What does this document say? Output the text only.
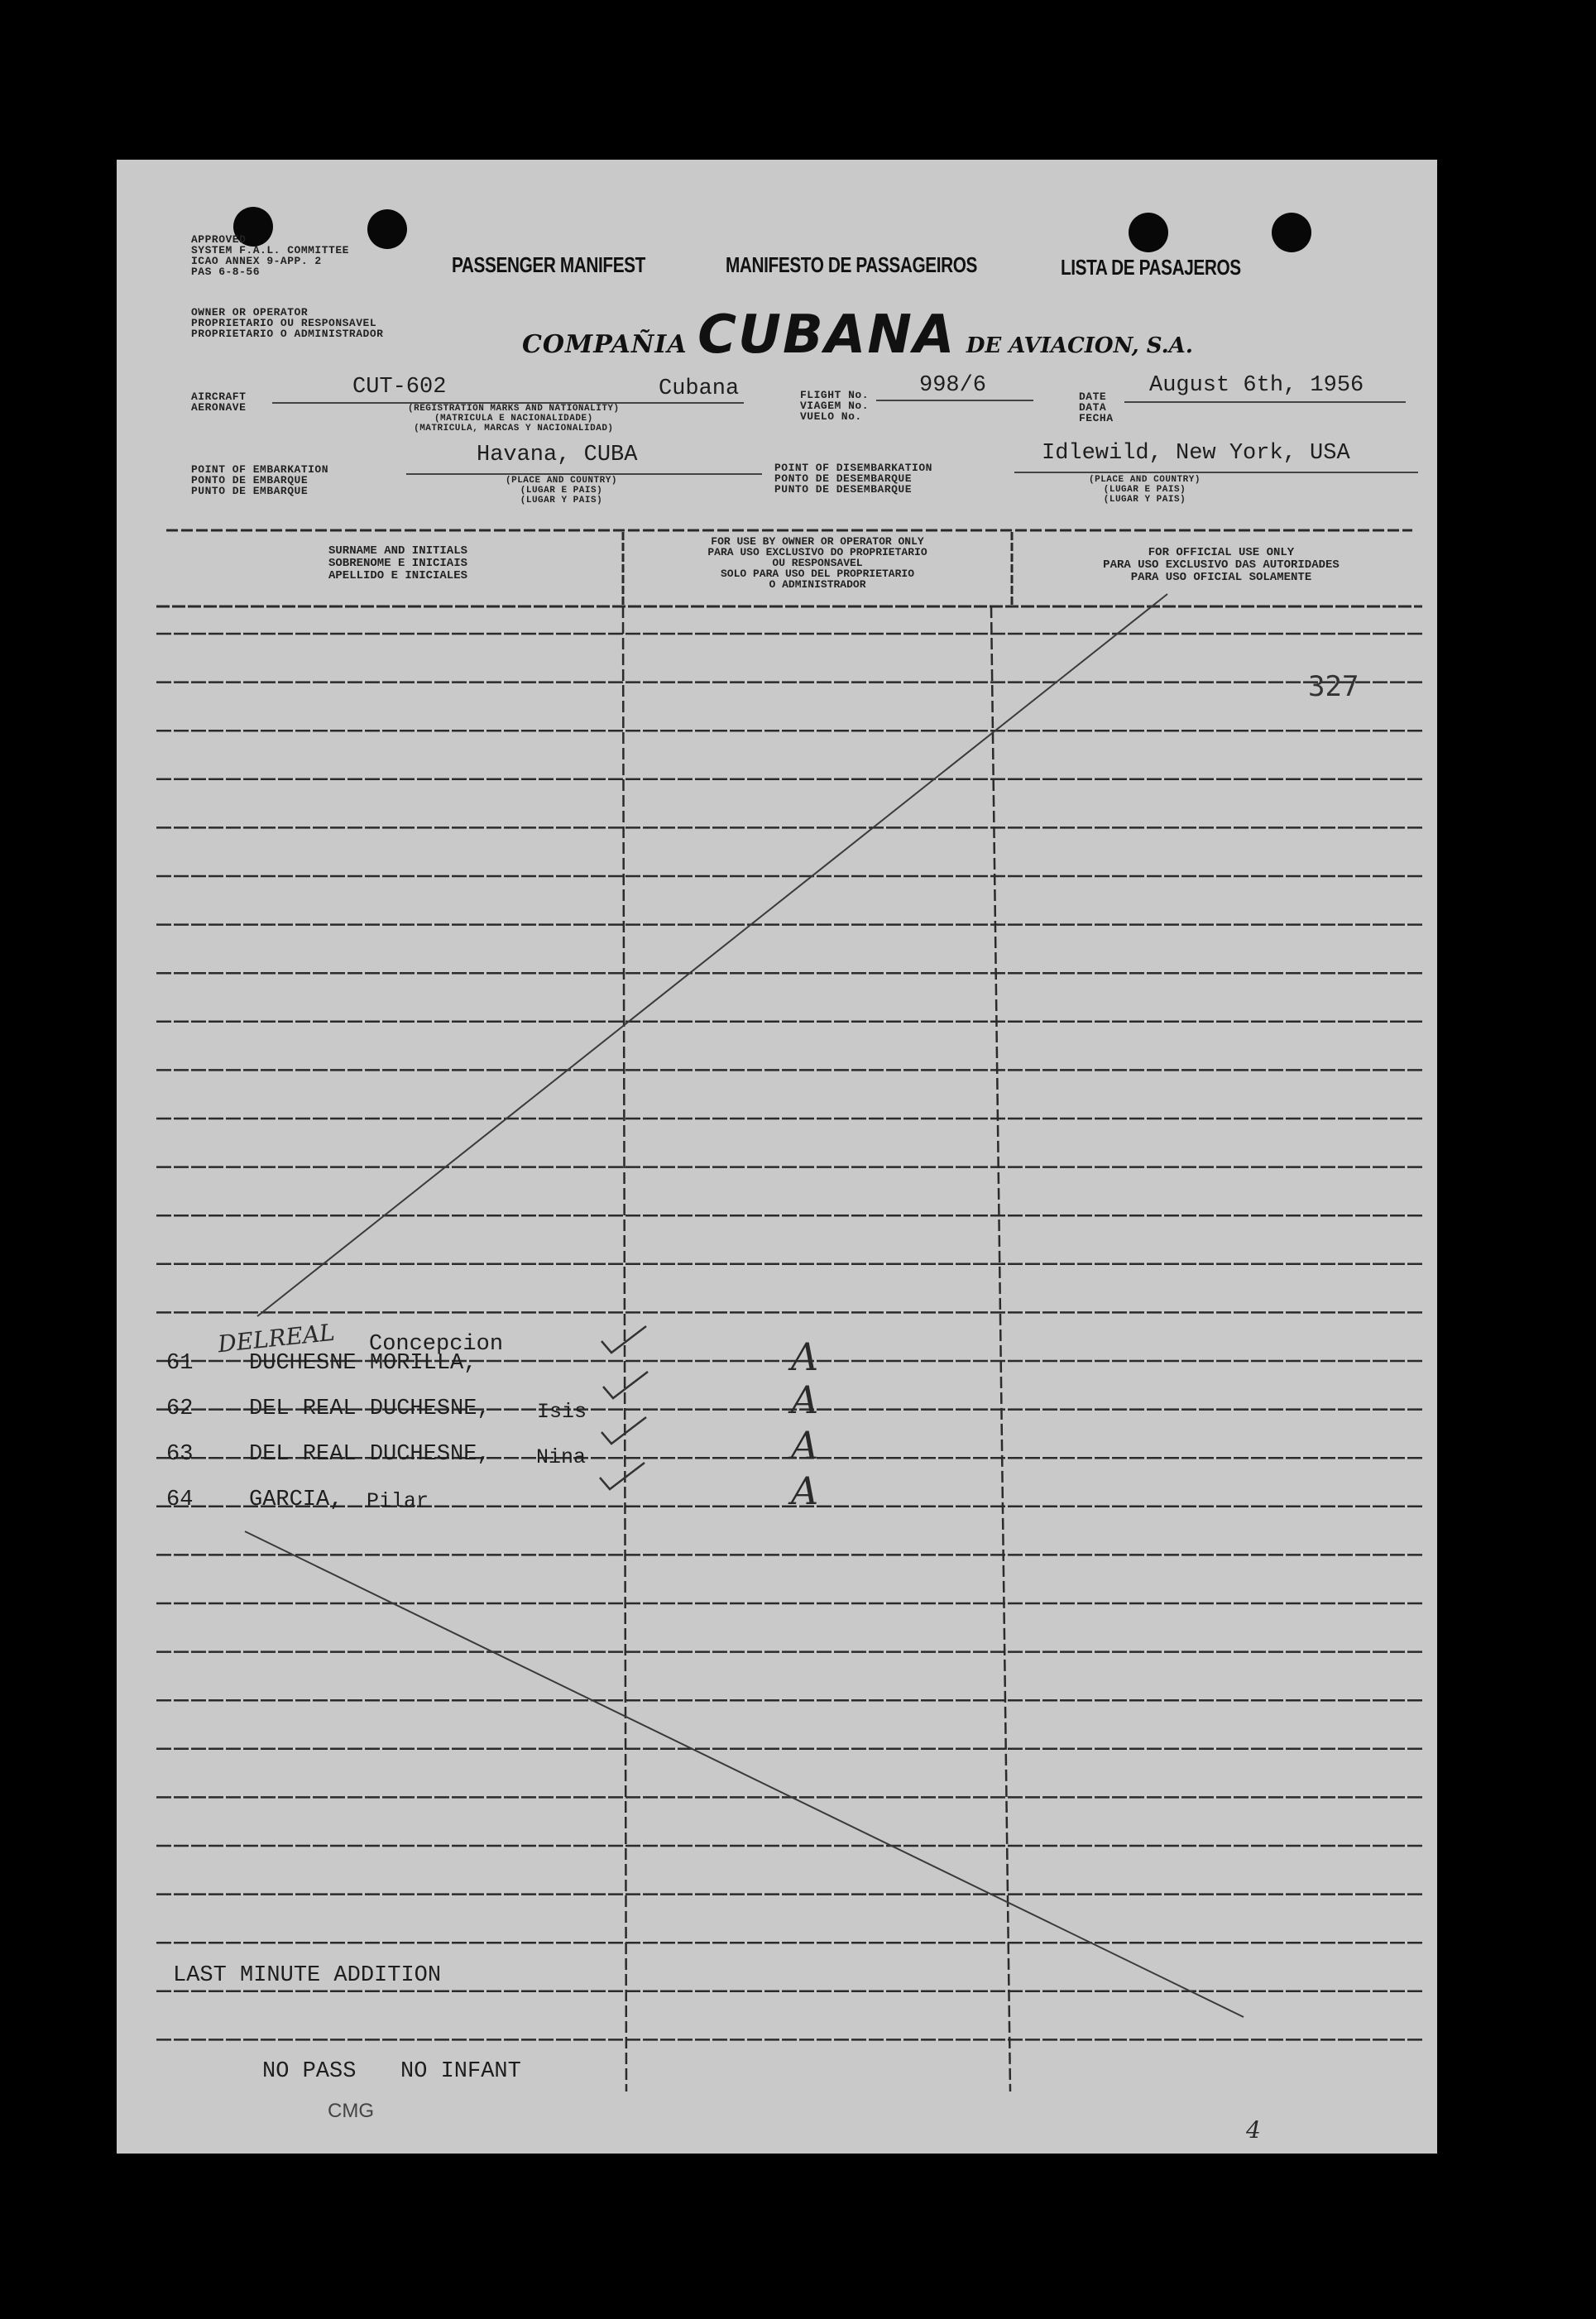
APPROVED
SYSTEM F.A.L. COMMITTEE
ICAO ANNEX 9-APP. 2
PAS 6-8-56	PASSENGER MANIFEST	MANIFESTO DE PASSAGEIROS	LISTA DE PASAJEROS
OWNER OR OPERATOR
PROPRIETARIO OU RESPONSAVEL
PROPRIETARIO O ADMINISTRADOR	COMPAÑIA CUBANA DE AVIACION, S.A.
AIRCRAFT
AERONAVE
CUT-602	Cubana
(REGISTRATION MARKS AND NATIONALITY)
(MATRICULA E NACIONALIDADE)
(MATRICULA, MARCAS Y NACIONALIDAD)
FLIGHT No.
VIAGEM No.
VUELO No.
998/6	DATE
DATA
FECHA
August 6th, 1956
POINT OF EMBARKATION
PONTO DE EMBARQUE
PUNTO DE EMBARQUE
Havana, CUBA
(PLACE AND COUNTRY)
(LUGAR E PAIS)
(LUGAR Y PAIS)
POINT OF DISEMBARKATION
PONTO DE DESEMBARQUE
PUNTO DE DESEMBARQUE
Idlewild, New York, USA
(PLACE AND COUNTRY)
(LUGAR E PAIS)
(LUGAR Y PAIS)
SURNAME AND INITIALS
SOBRENOME E INICIAIS
APELLIDO E INICIALES
FOR USE BY OWNER OR OPERATOR ONLY
PARA USO EXCLUSIVO DO PROPRIETARIO
OU RESPONSAVEL
SOLO PARA USO DEL PROPRIETARIO
O ADMINISTRADOR
FOR OFFICIAL USE ONLY
PARA USO EXCLUSIVO DAS AUTORIDADES
PARA USO OFICIAL SOLAMENTE
327
DELREAL Concepcion
61	DUCHESNE MORILLA,	A
62	DEL REAL DUCHESNE, Isis	A
63	DEL REAL DUCHESNE, Nina	A
64	GARCIA, Pilar	A
LAST MINUTE ADDITION
NO PASS NO INFANT
CMG
4
